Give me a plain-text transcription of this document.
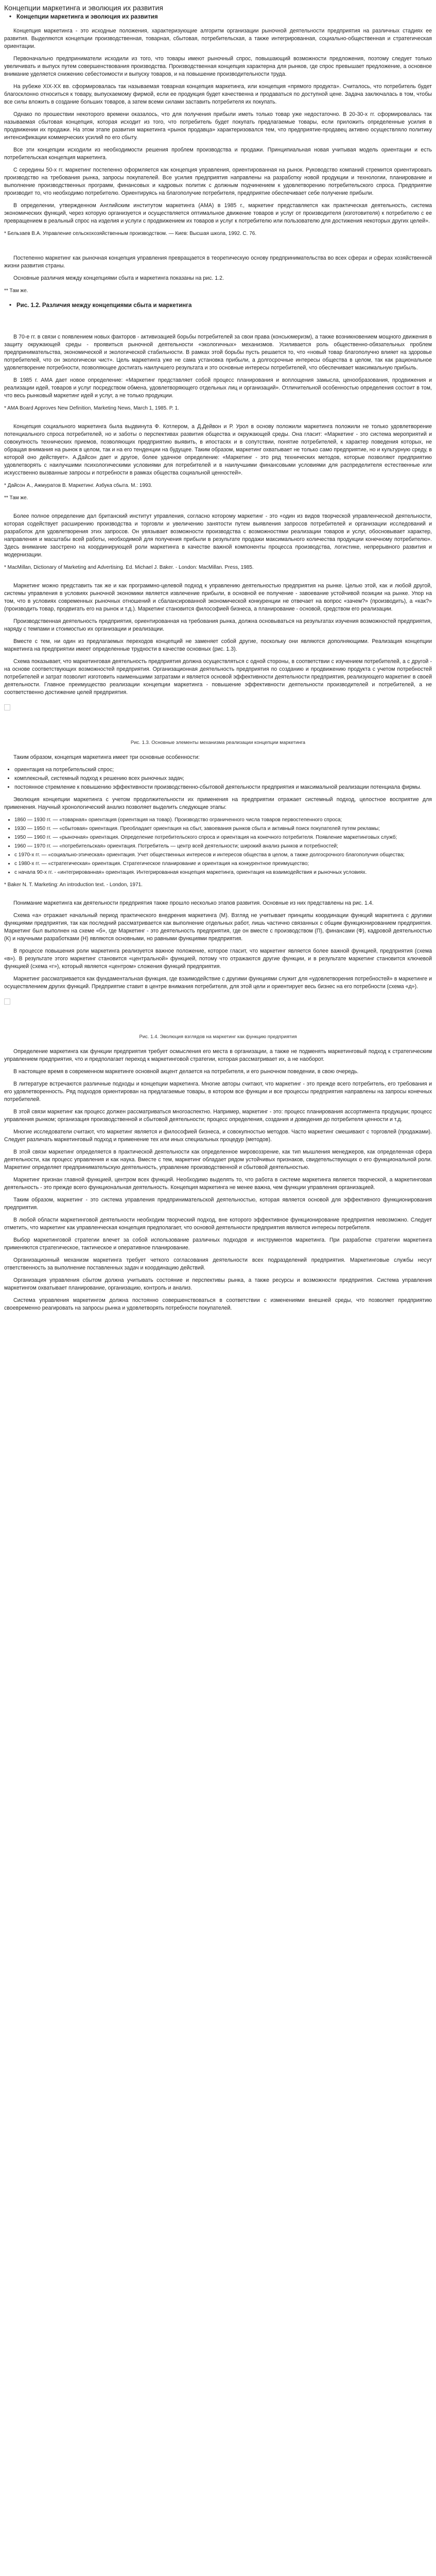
Концепции маркетинга и эволюция их развития
• Концепции маркетинга и эволюция их развития

Концепция маркетинга - это исходные положения, характеризующие алгоритм организации рыночной деятельности предприятия на различных стадиях ее развития. Выделяются концепции производственная, товарная, сбытовая, потребительская, а также интегрированная, социально-общественная и стратегическая ориентации.

Первоначально предприниматели исходили из того, что товары имеют рыночный спрос, повышающий возможности предложения, поэтому следует только увеличивать и выпуск путем совершенствования производства. Производственная концепция характерна для рынков, где спрос превышает предложение, а основное внимание уделяется снижению себестоимости и выпуску товаров, и на повышение производительности труда.

На рубеже XIX-XX вв. сформировалась так называемая товарная концепция маркетинга, или концепция «прямого продукта». Считалось, что потребитель будет благосклонно относиться к товару, выпускаемому фирмой, если ее продукция будет качественна и продаваться по доступной цене. Задача заключалась в том, чтобы все силы вложить в создание больших товаров, а затем всеми силами заставить потребителя их покупать.

Однако по прошествии некоторого времени оказалось, что для получения прибыли иметь только товар уже недостаточно. В 20-30-х гг. сформировалась так называемая сбытовая концепция, которая исходит из того, что потребитель будет покупать предлагаемые товары, если приложить определенные усилия в продвижении их продажи. На этом этапе развития маркетинга «рынок продавца» характеризовался тем, что предприятие-продавец активно осуществляло политику интенсификации коммерческих усилий по его сбыту.

Все эти концепции исходили из необходимости решения проблем производства и продажи. Принципиальная новая учитывая модель ориентации и есть потребительская концепция маркетинга.

С середины 50-х гг. маркетинг постепенно оформляется как концепция управления, ориентированная на рынок. Руководство компаний стремится ориентировать производство на требования рынка, запросы покупателей. Все усилия предприятия направлены на разработку новой продукции и технологии, планирование и выполнение производственных программ, финансовых и кадровых политик с должным подчинением к удовлетворению потребительского спроса. Предприятие производит то, что необходимо потребителю. Ориентируясь на благополучие потребителя, предприятие обеспечивает себе получение прибыли.

В определении, утвержденном Английским институтом маркетинга (АМА) в 1985 г., маркетинг представляется как практическая деятельность, система экономических функций, через которую организуется и осуществляется оптимальное движение товаров и услуг от производителя (изготовителя) к потребителю с ее превращением в реальный спрос на изделия и услуги с продвижением их товаров и услуг к потребителю или пользователю для достижения некоторых других целей».

* Бельзаев В.А. Управление сельскохозяйственным производством. — Киев: Высшая школа, 1992. С. 76.

Постепенно маркетинг как рыночная концепция управления превращается в теоретическую основу предпринимательства во всех сферах и сферах хозяйственной жизни развития страны.

Основные различия между концепциями сбыта и маркетинга показаны на рис. 1.2.

** Там же.

• Рис. 1.2. Различия между концепциями сбыта и маркетинга

В 70-е гг. в связи с появлением новых факторов - активизацией борьбы потребителей за свои права (консьюмеризм), а также возникновением мощного движения в защиту окружающей среды - проявиться рыночной деятельности «экологичных» механизмов. Усиливается роль общественно-обязательных проблем предпринимательства, экономической и экологической стабильности. В рамках этой борьбы пусть решается то, что «новый товар благополучно влияет на здоровье потребителей, что он экологически чист». Цель маркетинга уже не сама установка прибыли, а долгосрочные интересы общества в целом, так как рациональное удовлетворение потребности, позволяющее достигать наилучшего результата и это основные интересы потребителей, что обеспечивает максимальную прибыль.

В 1985 г. АМА дает новое определение: «Маркетинг представляет собой процесс планирования и воплощения замысла, ценообразования, продвижения и реализации идей, товаров и услуг посредством обмена, удовлетворяющего отдельных лиц и организаций». Отличительной особенностью определения состоит в том, что весь рынковый маркетинг идей и услуг, а не только продукции.

* AMA Board Approves New Definition, Marketing News, March 1, 1985. P. 1.

Концепция социального маркетинга была выдвинута Ф. Котлером, а Д.Дейвон и Р. Урол в основу положили маркетинга положили не только удовлетворение потенциального спроса потребителей, но и заботы о перспективах развития общества и окружающей среды. Она гласит: «Маркетинг - это система мероприятий и совокупность технических приемов, позволяющих предприятию выявить, в ипостасях и в сопутствии, понятие потребителей, к характер поведения которых, не обращая внимания на рынок в целом, так и на его тенденции на будущее. Таким образом, маркетинг охватывает не только само предприятие, но и культурную среду, в которой оно действует». А.Дайсон дает и другое, более удачное определение: «Маркетинг - это ряд технических методов, которые позволяют предприятию удовлетворять с наилучшими психологическими условиями для потребителей и в наилучшими финансовыми условиями для распределителя естественные или искусственно вызванные запросы и потребности в рамках общества социальной ценностей».

* Дайсон А., Ажмуратов В. Маркетинг. Азбука сбыта. М.: 1993.

** Там же.

Более полное определение дал британский институт управления, согласно которому маркетинг - это «один из видов творческой управленческой деятельности, которая содействует расширению производства и торговли и увеличению занятости путем выявления запросов потребителей и организации исследований и разработок для удовлетворения этих запросов. Он увязывает возможности производства с возможностями реализации товаров и услуг, обосновывает характер, направления и масштабы всей работы, необходимой для получения прибыли в результате продажи максимального количества продукции конечному потребителю». Здесь внимание заострено на координирующей роли маркетинга в качестве важной компоненты процесса производства, логистике, непрерывного развития и модернизации.

* MacMillan, Dictionary of Marketing and Advertising. Ed. Michael J. Baker. - London: MacMillan. Press, 1985.

Маркетинг можно представить так же и как программно-целевой подход к управлению деятельностью предприятия на рынке. Целью этой, как и любой другой, системы управления в условиях рыночной экономики является извлечение прибыли, в основной ее получение - завоевание устойчивой позиции на рынке. Упор на том, что в условиях современных рыночных отношений и сбалансированной экономической конкуренции не отвечает на вопрос «зачем?» (производить), а «как?» (производить товар, продвигать его на рынок и т.д.). Маркетинг становится философией бизнеса, а планирование - основой, средством его реализации.

Производственная деятельность предприятия, ориентированная на требования рынка, должна основываться на результатах изучения возможностей предприятия, наряду с темпами и стоимостью их организации и реализации.

Вместе с тем, ни один из предлагаемых переходов концепций не заменяет собой другие, поскольку они являются дополняющими. Реализация концепции маркетинга на предприятии имеет определенные трудности в качестве основных (рис. 1.3).

Схема показывает, что маркетинговая деятельность предприятия должна осуществляться с одной стороны, в соответствии с изучением потребителей, а с другой - на основе соответствующих возможностей предприятия. Организационная деятельность предприятия по созданию и продвижению продукта с учетом потребностей потребителей и затрат позволит изготовить наименьшими затратами и является основой эффективности деятельности предприятия, реализующего маркетинг в своей деятельности. Главное преимущество реализации концепции маркетинга - повышение эффективности деятельности производителей и потребителей, а не соответственно достижение целей предприятия.

Рис. 1.3. Основные элементы механизма реализации концепции маркетинга

Таким образом, концепция маркетинга имеет три основные особенности:

• ориентация на потребительский спрос;
• комплексный, системный подход к решению всех рыночных задач;
• постоянное стремление к повышению эффективности производственно-сбытовой деятельности предприятия и максимальной реализации потенциала фирмы.

Эволюция концепции маркетинга с учетом продолжительности их применения на предприятии отражает системный подход, целостное восприятие для применения. Научный хронологический анализ позволяет выделить следующие этапы:

• 1860 — 1930 гг. — «товарная» ориентация (ориентация на товар). Производство ограниченного числа товаров первостепенного спроса;
• 1930 — 1950 гг. — «сбытовая» ориентация. Преобладает ориентация на сбыт, завоевания рынков сбыта и активный поиск покупателей путем рекламы;
• 1950 — 1960 гг. — «рыночная» ориентация. Определение потребительского спроса и ориентация на конечного потребителя. Появление маркетинговых служб;
• 1960 — 1970 гг. — «потребительская» ориентация. Потребитель — центр всей деятельности; широкий анализ рынков и потребностей;
• с 1970-х гг. — «социально-этическая» ориентация. Учет общественных интересов и интересов общества в целом, а также долгосрочного благополучия общества;
• с 1980-х гг. — «стратегическая» ориентация. Стратегическое планирование и ориентация на конкурентное преимущество;
• с начала 90-х гг. - «интегрированная» ориентация. Интегрированная концепция маркетинга, ориентация на взаимодействия и рыночных условиях.

* Baker N. T. Marketing: An introduction text. - London, 1971.

Понимание маркетинга как деятельности предприятия также прошло несколько этапов развития. Основные из них представлены на рис. 1.4.

Схема «а» отражает начальный период практического внедрения маркетинга (М). Взгляд не учитывает принципы координации функций маркетинга с другими функциями предприятия, так как последний рассматривается как выполнение отдельных работ, лишь частично связанных с общим функционированием предприятия. Маркетинг был выполнен на схеме «б», где Маркетинг - это деятельность предприятия, где он вместе с производством (П), финансами (Ф), кадровой деятельностью (К) и научными разработками (Н) являются основными, но равными функциями предприятия.

В процессе повышения роли маркетинга реализуется важное положение, которое гласит, что маркетинг является более важной функцией, предприятия (схема «в»). В результате этого маркетинг становится «центральной» функцией, потому что отражаются другие функции, и в результате маркетинг становится ключевой функцией (схема «г»), который является «центром» сложения функций предприятия.

Маркетинг рассматривается как фундаментальная функция, где взаимодействие с другими функциями служит для «удовлетворения потребностей» в маркетинге и осуществлением других функций. Предприятие ставит в центре внимания потребителя, для этой цели и ориентирует весь бизнес на его потребности (схема «д»).

Рис. 1.4. Эволюция взглядов на маркетинг как функцию предприятия

Определение маркетинга как функции предприятия требует осмысления его места в организации, а также не подменять маркетинговый подход к стратегическим управлением предприятия, что и предполагает переход к маркетинговой стратегии, которая рассматривает их, а не наоборот.

В настоящее время в современном маркетинге основной акцент делается на потребителя, и его рыночном поведении, в свою очередь.

В литературе встречаются различные подходы и концепции маркетинга. Многие авторы считают, что маркетинг - это прежде всего потребитель, его требования и его удовлетворенность. Ряд подходов ориентирован на предлагаемые товары, в котором все функции и все процессы предприятия направлены на запросы конечных потребителей.

В этой связи маркетинг как процесс должен рассматриваться многоаспектно. Например, маркетинг - это: процесс планирования ассортимента продукции; процесс управления рынком; организация производственной и сбытовой деятельности; процесс определения, создания и доведения до потребителя ценности и т.д.

Многие исследователи считают, что маркетинг является и философией бизнеса, и совокупностью методов. Часто маркетинг смешивают с торговлей (продажами). Следует различать маркетинговый подход и применение тех или иных специальных процедур (методов).

В этой связи маркетинг определяется в практической деятельности как определенное мировоззрение, как тип мышления менеджеров, как определенная сфера деятельности, как процесс управления и как наука. Вместе с тем, маркетинг обладает рядом устойчивых признаков, свидетельствующих о его функциональной роли. Маркетинг определяет предпринимательскую деятельность, управление производственной и сбытовой деятельностью.

Маркетинг признан главной функцией, центром всех функций. Необходимо выделять то, что работа в системе маркетинга является творческой, а маркетинговая деятельность - это прежде всего функциональная деятельность. Концепция маркетинга не менее важна, чем функции управления организацией.

Таким образом, маркетинг - это система управления предпринимательской деятельностью, которая является основой для эффективного функционирования предприятия.

В любой области маркетинговой деятельности необходим творческий подход, вне которого эффективное функционирование предприятия невозможно. Следует отметить, что маркетинг как управленческая концепция предполагает, что основой деятельности предприятия являются интересы потребителя.

Выбор маркетинговой стратегии влечет за собой использование различных подходов и инструментов маркетинга. При разработке стратегии маркетинга применяются стратегическое, тактическое и оперативное планирование.

Организационный механизм маркетинга требует четкого согласования деятельности всех подразделений предприятия. Маркетинговые службы несут ответственность за выполнение поставленных задач и координацию действий.

Организация управления сбытом должна учитывать состояние и перспективы рынка, а также ресурсы и возможности предприятия. Система управления маркетингом охватывает планирование, организацию, контроль и анализ.

Система управления маркетингом должна постоянно совершенствоваться в соответствии с изменениями внешней среды, что позволяет предприятию своевременно реагировать на запросы рынка и удовлетворять потребности покупателей.
